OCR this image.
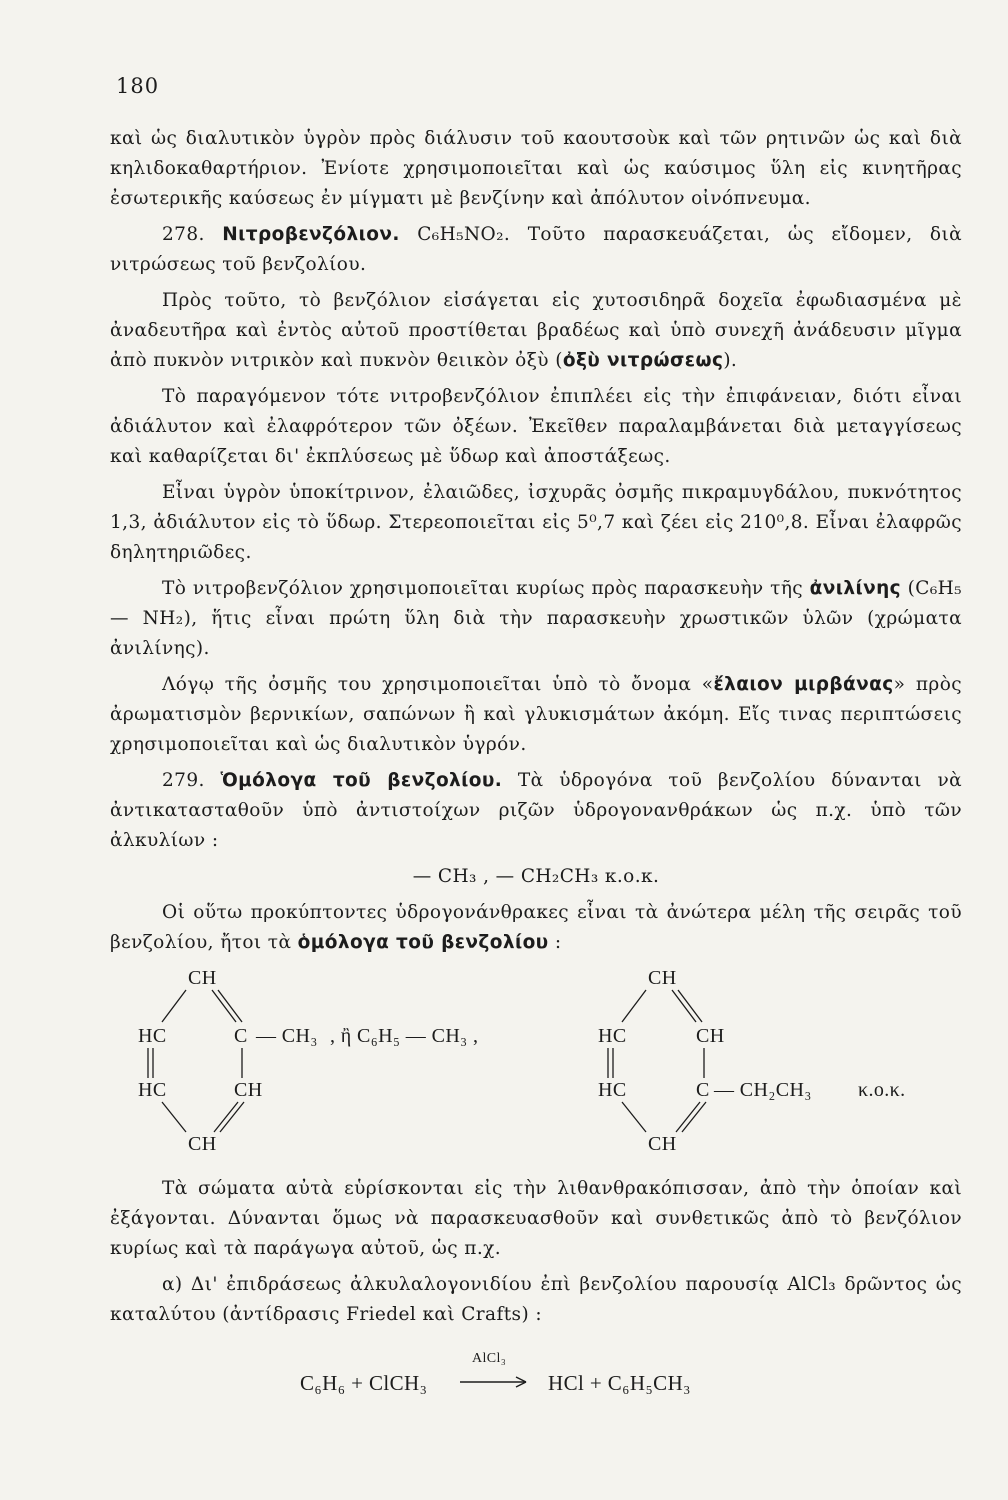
180

καὶ ὡς διαλυτικὸν ὑγρὸν πρὸς διάλυσιν τοῦ καουτσοὺκ καὶ τῶν ρητινῶν ὡς καὶ διὰ κηλιδοκαθαρτήριον. Ἐνίοτε χρησιμοποιεῖται καὶ ὡς καύσιμος ὕλη εἰς κινητῆρας ἐσωτερικῆς καύσεως ἐν μίγματι μὲ βενζίνην καὶ ἀπόλυτον οἰνόπνευμα.

278. Νιτροβενζόλιον. C₆H₅NO₂. Τοῦτο παρασκευάζεται, ὡς εἴδομεν, διὰ νιτρώσεως τοῦ βενζολίου.

Πρὸς τοῦτο, τὸ βενζόλιον εἰσάγεται εἰς χυτοσιδηρᾶ δοχεῖα ἐφωδιασμένα μὲ ἀναδευτῆρα καὶ ἐντὸς αὐτοῦ προστίθεται βραδέως καὶ ὑπὸ συνεχῆ ἀνάδευσιν μῖγμα ἀπὸ πυκνὸν νιτρικὸν καὶ πυκνὸν θειικὸν ὀξὺ (ὀξὺ νιτρώσεως).

Τὸ παραγόμενον τότε νιτροβενζόλιον ἐπιπλέει εἰς τὴν ἐπιφάνειαν, διότι εἶναι ἀδιάλυτον καὶ ἐλαφρότερον τῶν ὀξέων. Ἐκεῖθεν παραλαμβάνεται διὰ μεταγγίσεως καὶ καθαρίζεται δι' ἐκπλύσεως μὲ ὕδωρ καὶ ἀποστάξεως.

Εἶναι ὑγρὸν ὑποκίτρινον, ἐλαιῶδες, ἰσχυρᾶς ὀσμῆς πικραμυγδάλου, πυκνότητος 1,3, ἀδιάλυτον εἰς τὸ ὕδωρ. Στερεοποιεῖται εἰς 5⁰,7 καὶ ζέει εἰς 210⁰,8. Εἶναι ἐλαφρῶς δηλητηριῶδες.

Τὸ νιτροβενζόλιον χρησιμοποιεῖται κυρίως πρὸς παρασκευὴν τῆς ἀνιλίνης (C₆H₅ — NH₂), ἥτις εἶναι πρώτη ὕλη διὰ τὴν παρασκευὴν χρωστικῶν ὑλῶν (χρώματα ἀνιλίνης).

Λόγῳ τῆς ὀσμῆς του χρησιμοποιεῖται ὑπὸ τὸ ὄνομα «ἔλαιον μιρβάνας» πρὸς ἀρωματισμὸν βερνικίων, σαπώνων ἢ καὶ γλυκισμάτων ἀκόμη. Εἴς τινας περιπτώσεις χρησιμοποιεῖται καὶ ὡς διαλυτικὸν ὑγρόν.

279. Ὁμόλογα τοῦ βενζολίου. Τὰ ὑδρογόνα τοῦ βενζολίου δύνανται νὰ ἀντικατασταθοῦν ὑπὸ ἀντιστοίχων ριζῶν ὑδρογονανθράκων ὡς π.χ. ὑπὸ τῶν ἀλκυλίων :

— CH₃ , — CH₂CH₃ κ.ο.κ.

Οἱ οὕτω προκύπτοντες ὑδρογονάνθρακες εἶναι τὰ ἀνώτερα μέλη τῆς σειρᾶς τοῦ βενζολίου, ἤτοι τὰ ὁμόλογα τοῦ βενζολίου :

CH
HC	C
HC	CH
CH
— CH₃ , ἢ C₆H₅ — CH₃ ,
CH
HC	CH
HC	C
CH
— CH₂CH₃ κ.ο.κ.

Τὰ σώματα αὐτὰ εὑρίσκονται εἰς τὴν λιθανθρακόπισσαν, ἀπὸ τὴν ὁποίαν καὶ ἐξάγονται. Δύνανται ὅμως νὰ παρασκευασθοῦν καὶ συνθετικῶς ἀπὸ τὸ βενζόλιον κυρίως καὶ τὰ παράγωγα αὐτοῦ, ὡς π.χ.

α) Δι' ἐπιδράσεως ἀλκυλαλογονιδίου ἐπὶ βενζολίου παρουσίᾳ AlCl₃ δρῶντος ὡς καταλύτου (ἀντίδρασις Friedel καὶ Crafts) :

C₆H₆ + ClCH₃
AlCl₃
HCl + C₆H₅CH₃
